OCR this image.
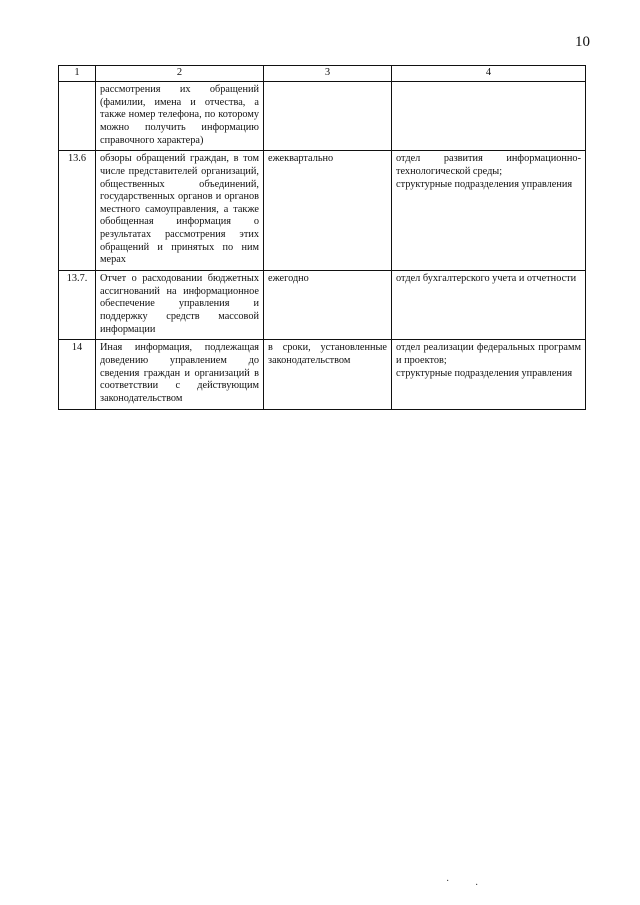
10
1	2	3	4
	рассмотрения их обращений (фамилии, имена и отчества, а также номер телефона, по которому можно получить информацию справочного характера)		
13.6	обзоры обращений граждан, в том числе представителей организаций, общественных объединений, государственных органов и органов местного самоуправления, а также обобщенная информация о результатах рассмотрения этих обращений и принятых по ним мерах	ежеквартально	отдел развития информационно-технологической среды;
структурные подразделения управления

13.7.	Отчет о расходовании бюджетных ассигнований на информационное обеспечение управления и поддержку средств массовой информации	ежегодно	отдел бухгалтерского учета и отчетности

14	Иная информация, подлежащая доведению управлением до сведения граждан и организаций в соответствии с действующим законодательством	в сроки, установленные законодательством	отдел реализации федеральных программ и проектов;
структурные подразделения управления
·	·
